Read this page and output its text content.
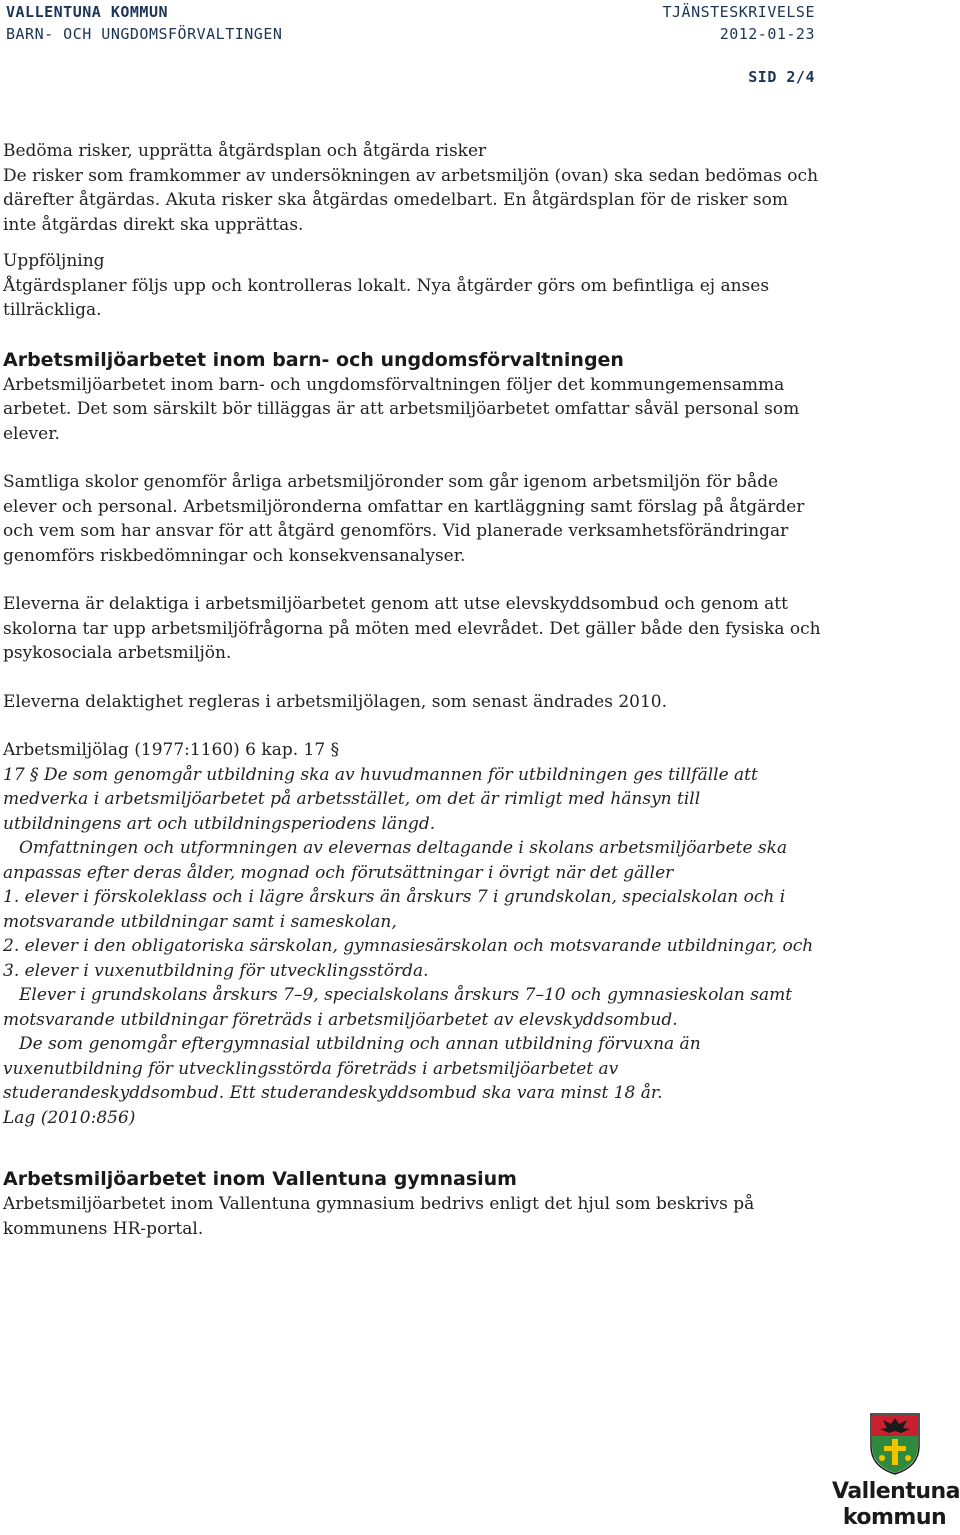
VALLENTUNA KOMMUN
BARN- OCH UNGDOMSFÖRVALTINGEN
TJÄNSTESKRIVELSE
2012-01-23
SID 2/4

Bedöma risker, upprätta åtgärdsplan och åtgärda risker

De risker som framkommer av undersökningen av arbetsmiljön (ovan) ska sedan bedömas och därefter åtgärdas. Akuta risker ska åtgärdas omedelbart. En åtgärdsplan för de risker som inte åtgärdas direkt ska upprättas.

Uppföljning

Åtgärdsplaner följs upp och kontrolleras lokalt. Nya åtgärder görs om befintliga ej anses tillräckliga.

Arbetsmiljöarbetet inom barn- och ungdomsförvaltningen

Arbetsmiljöarbetet inom barn- och ungdomsförvaltningen följer det kommungemensamma arbetet. Det som särskilt bör tilläggas är att arbetsmiljöarbetet omfattar såväl personal som elever.

Samtliga skolor genomför årliga arbetsmiljöronder som går igenom arbetsmiljön för både elever och personal. Arbetsmiljöronderna omfattar en kartläggning samt förslag på åtgärder och vem som har ansvar för att åtgärd genomförs. Vid planerade verksamhetsförändringar genomförs riskbedömningar och konsekvensanalyser.

Eleverna är delaktiga i arbetsmiljöarbetet genom att utse elevskyddsombud och genom att skolorna tar upp arbetsmiljöfrågorna på möten med elevrådet. Det gäller både den fysiska och psykosociala arbetsmiljön.

Eleverna delaktighet regleras i arbetsmiljölagen, som senast ändrades 2010.

Arbetsmiljölag (1977:1160) 6 kap. 17 §

17 § De som genomgår utbildning ska av huvudmannen för utbildningen ges tillfälle att medverka i arbetsmiljöarbetet på arbetsstället, om det är rimligt med hänsyn till utbildningens art och utbildningsperiodens längd.

Omfattningen och utformningen av elevernas deltagande i skolans arbetsmiljöarbete ska anpassas efter deras ålder, mognad och förutsättningar i övrigt när det gäller

1. elever i förskoleklass och i lägre årskurs än årskurs 7 i grundskolan, specialskolan och i motsvarande utbildningar samt i sameskolan,

2. elever i den obligatoriska särskolan, gymnasiesärskolan och motsvarande utbildningar, och

3. elever i vuxenutbildning för utvecklingsstörda.

Elever i grundskolans årskurs 7–9, specialskolans årskurs 7–10 och gymnasieskolan samt motsvarande utbildningar företräds i arbetsmiljöarbetet av elevskyddsombud.

De som genomgår eftergymnasial utbildning och annan utbildning förvuxna än vuxenutbildning för utvecklingsstörda företräds i arbetsmiljöarbetet av studerandeskyddsombud. Ett studerandeskyddsombud ska vara minst 18 år.

Lag (2010:856)

Arbetsmiljöarbetet inom Vallentuna gymnasium

Arbetsmiljöarbetet inom Vallentuna gymnasium bedrivs enligt det hjul som beskrivs på kommunens HR-portal.

Vallentuna
kommun
